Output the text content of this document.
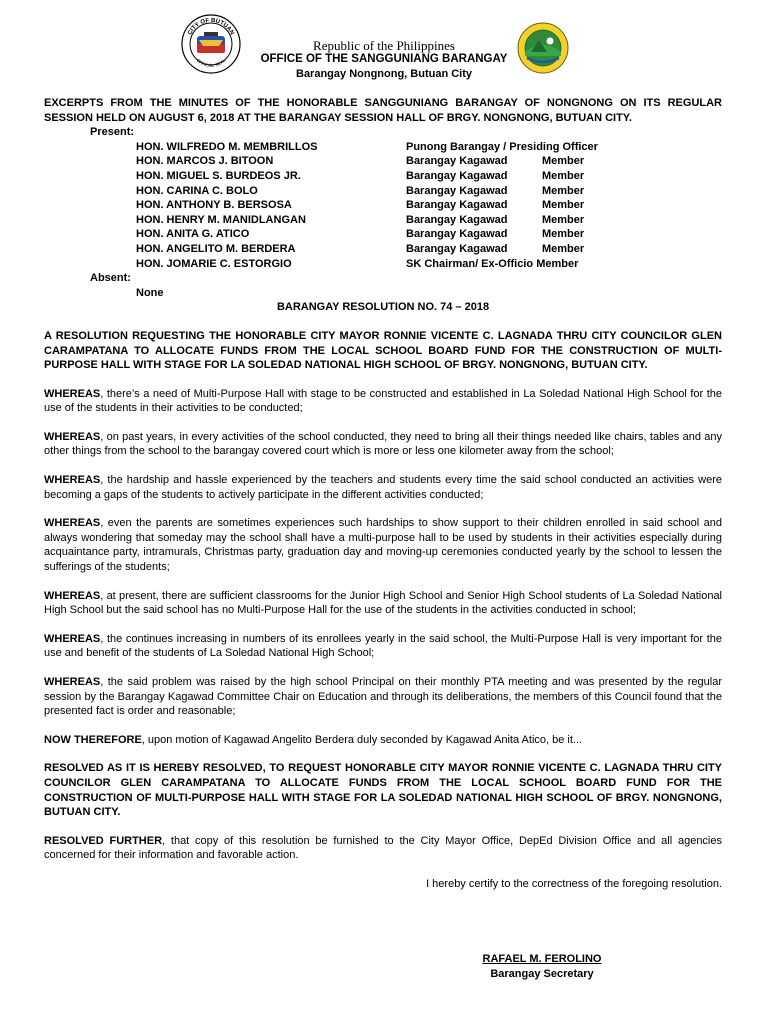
CITY OF BUTUAN
OFFICIAL SEAL
Republic of the Philippines
OFFICE OF THE SANGGUNIANG BARANGAY
Barangay Nongnong, Butuan City

EXCERPTS FROM THE MINUTES OF THE HONORABLE SANGGUNIANG BARANGAY OF NONGNONG ON ITS REGULAR SESSION HELD ON AUGUST 6, 2018 AT THE BARANGAY SESSION HALL OF BRGY. NONGNONG, BUTUAN CITY.

Present:

HON. WILFREDO M. MEMBRILLOS	Punong Barangay / Presiding Officer
HON. MARCOS J. BITOON	Barangay Kagawad	Member
HON. MIGUEL S. BURDEOS JR.	Barangay Kagawad	Member
HON. CARINA C. BOLO	Barangay Kagawad	Member
HON. ANTHONY B. BERSOSA	Barangay Kagawad	Member
HON. HENRY M. MANIDLANGAN	Barangay Kagawad	Member
HON. ANITA G. ATICO	Barangay Kagawad	Member
HON. ANGELITO M. BERDERA	Barangay Kagawad	Member
HON. JOMARIE C. ESTORGIO	SK Chairman/ Ex-Officio Member

Absent:

None

BARANGAY RESOLUTION NO. 74 – 2018

A RESOLUTION REQUESTING THE HONORABLE CITY MAYOR RONNIE VICENTE C. LAGNADA THRU CITY COUNCILOR GLEN CARAMPATANA TO ALLOCATE FUNDS FROM THE LOCAL SCHOOL BOARD FUND FOR THE CONSTRUCTION OF MULTI-PURPOSE HALL WITH STAGE FOR LA SOLEDAD NATIONAL HIGH SCHOOL OF BRGY. NONGNONG, BUTUAN CITY.

WHEREAS, there’s a need of Multi-Purpose Hall with stage to be constructed and established in La Soledad National High School for the use of the students in their activities to be conducted;

WHEREAS, on past years, in every activities of the school conducted, they need to bring all their things needed like chairs, tables and any other things from the school to the barangay covered court which is more or less one kilometer away from the school;

WHEREAS, the hardship and hassle experienced by the teachers and students every time the said school conducted an activities were becoming a gaps of the students to actively participate in the different activities conducted;

WHEREAS, even the parents are sometimes experiences such hardships to show support to their children enrolled in said school and always wondering that someday may the school shall have a multi-purpose hall to be used by students in their activities especially during acquaintance party, intramurals, Christmas party, graduation day and moving-up ceremonies conducted yearly by the school to lessen the sufferings of the students;

WHEREAS, at present, there are sufficient classrooms for the Junior High School and Senior High School students of La Soledad National High School but the said school has no Multi-Purpose Hall for the use of the students in the activities conducted in school;

WHEREAS, the continues increasing in numbers of its enrollees yearly in the said school, the Multi-Purpose Hall is very important for the use and benefit of the students of La Soledad National High School;

WHEREAS, the said problem was raised by the high school Principal on their monthly PTA meeting and was presented by the regular session by the Barangay Kagawad Committee Chair on Education and through its deliberations, the members of this Council found that the presented fact is order and reasonable;

NOW THEREFORE, upon motion of Kagawad Angelito Berdera duly seconded by Kagawad Anita Atico, be it...

RESOLVED AS IT IS HEREBY RESOLVED, TO REQUEST HONORABLE CITY MAYOR RONNIE VICENTE C. LAGNADA THRU CITY COUNCILOR GLEN CARAMPATANA TO ALLOCATE FUNDS FROM THE LOCAL SCHOOL BOARD FUND FOR THE CONSTRUCTION OF MULTI-PURPOSE HALL WITH STAGE FOR LA SOLEDAD NATIONAL HIGH SCHOOL OF BRGY. NONGNONG, BUTUAN CITY.

RESOLVED FURTHER, that copy of this resolution be furnished to the City Mayor Office, DepEd Division Office and all agencies concerned for their information and favorable action.

I hereby certify to the correctness of the foregoing resolution.

RAFAEL M. FEROLINO
Barangay Secretary
